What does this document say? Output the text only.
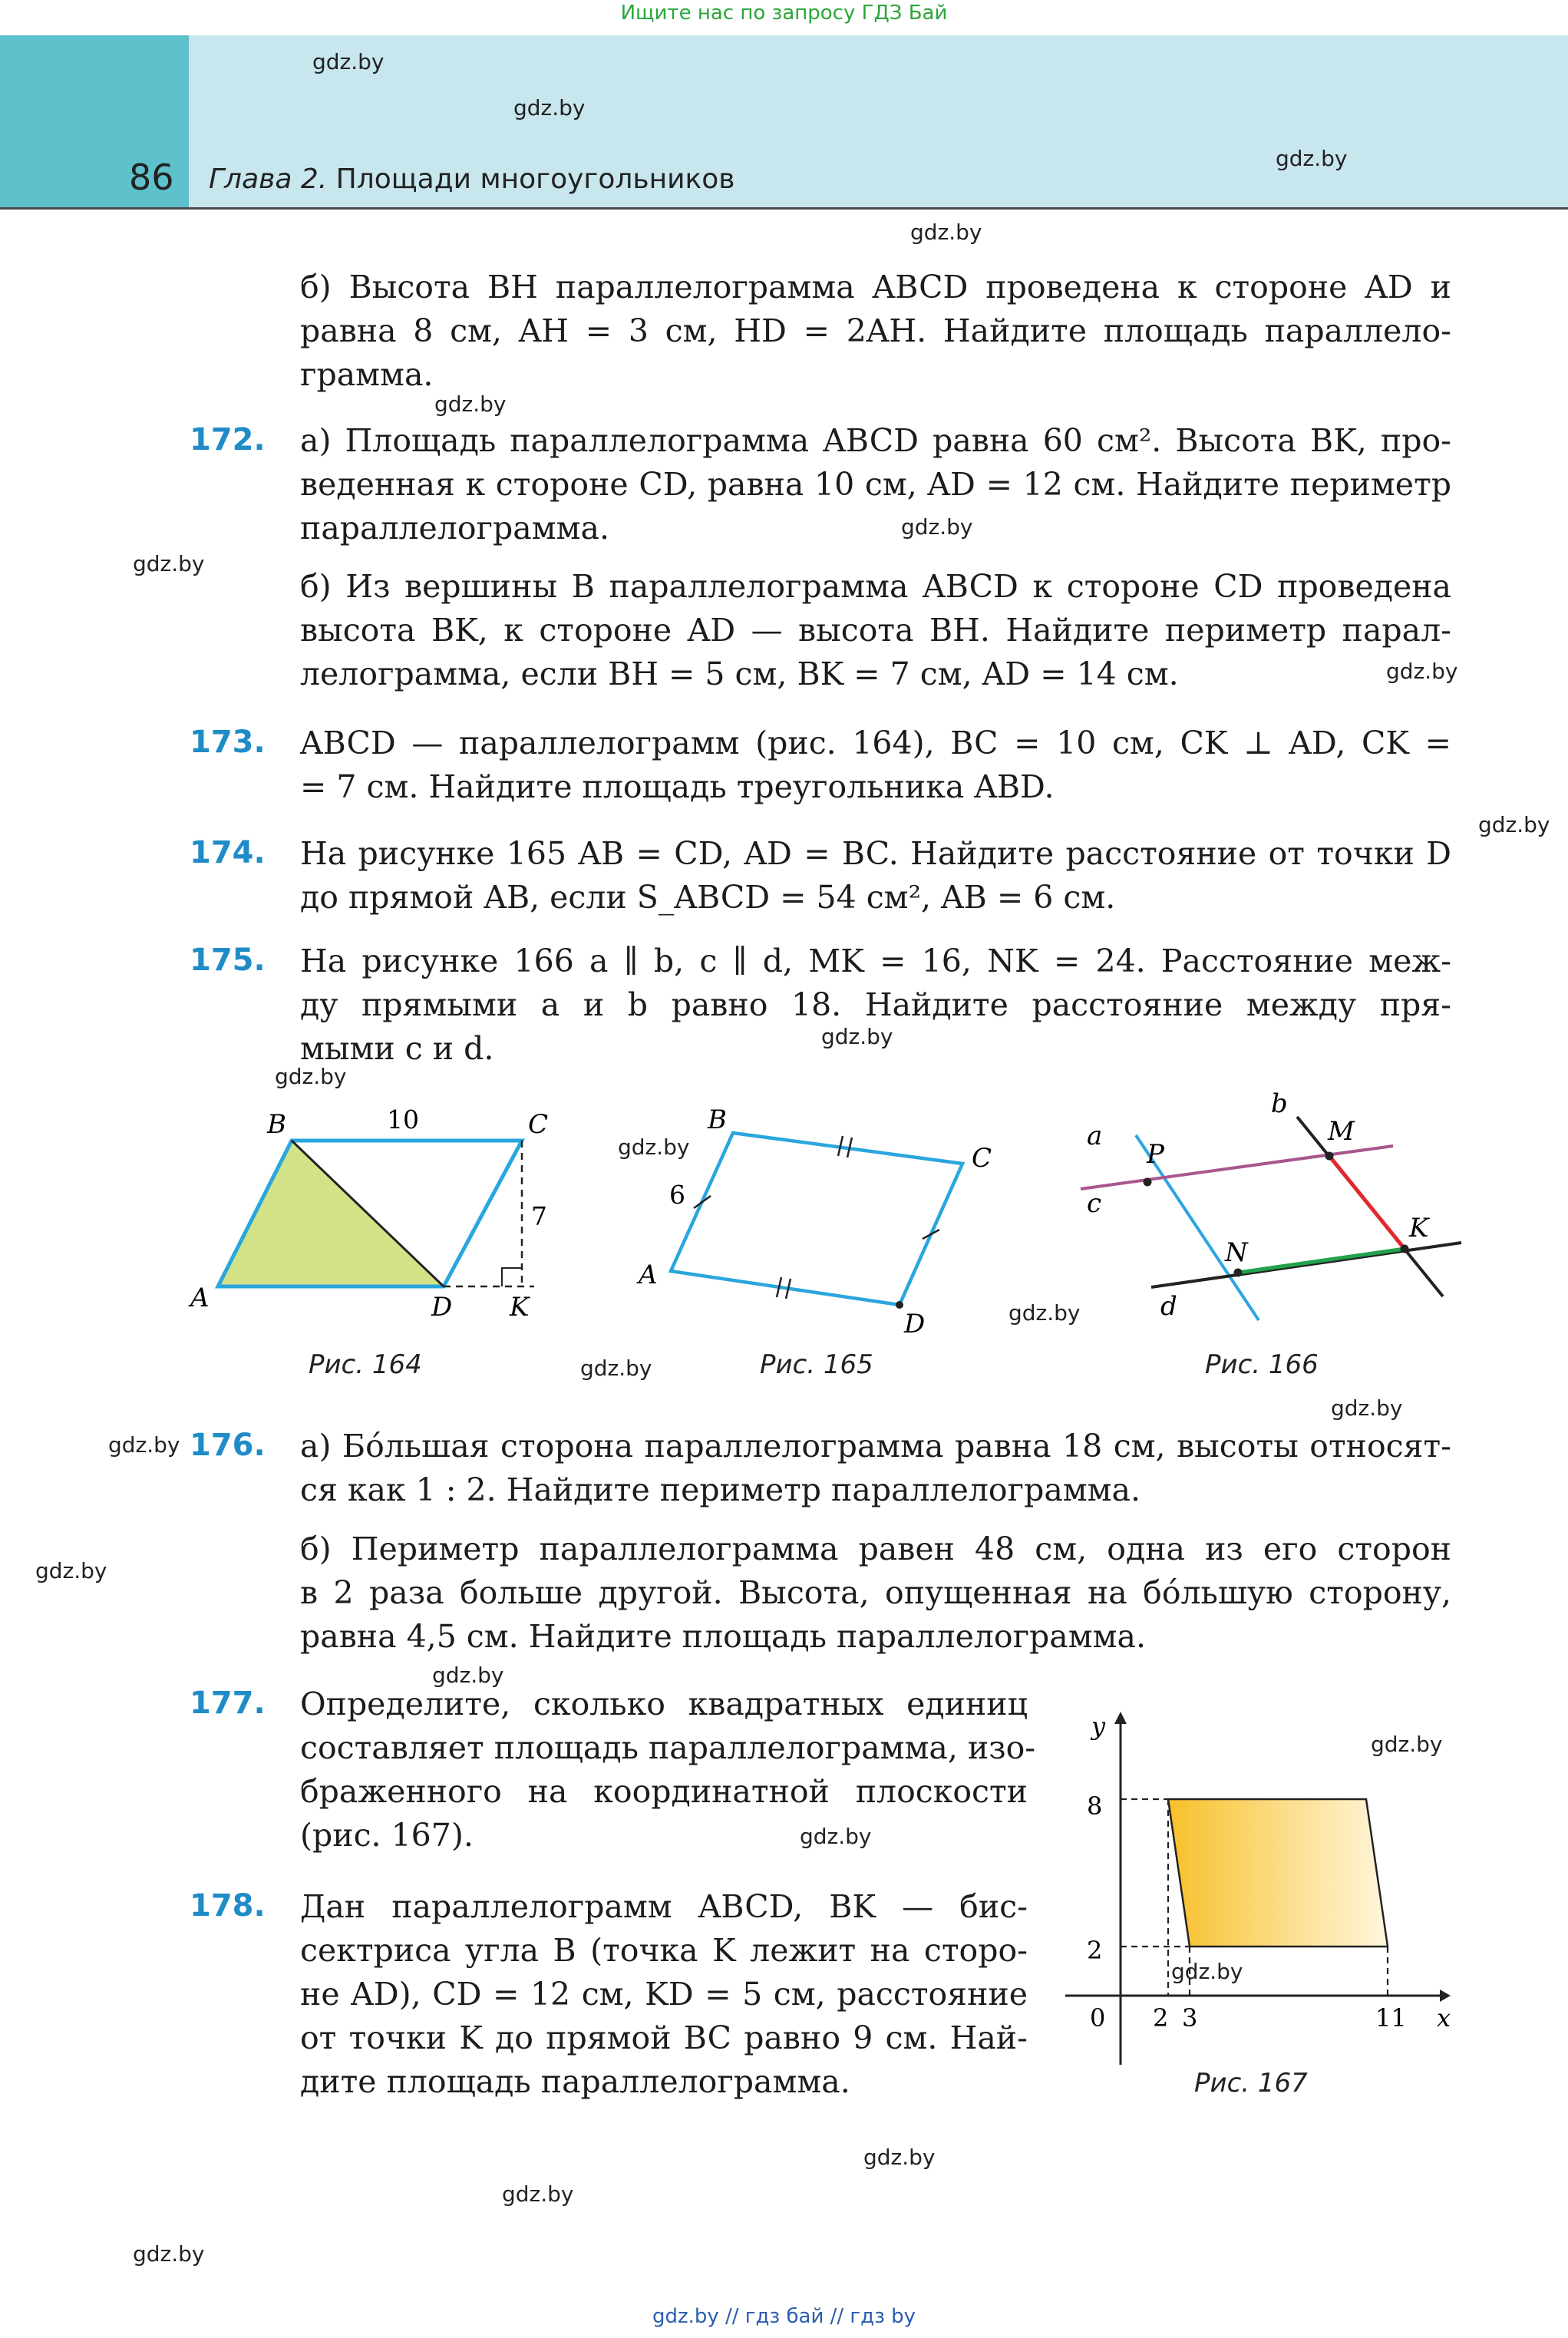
Ищите нас по запросу ГДЗ Бай
86 Глава 2. Площади многоугольников
gdz.by
gdz.by
gdz.by
gdz.by
gdz.by
gdz.by
gdz.by
gdz.by
gdz.by
gdz.by
gdz.by
gdz.by
gdz.by
gdz.by
gdz.by
gdz.by
gdz.by
gdz.by
gdz.by
gdz.by
gdz.by
gdz.by
gdz.by
gdz.by
б) Высота BH параллелограмма ABCD проведена к стороне AD и
равна 8 см, AH = 3 см, HD = 2AH. Найдите площадь параллело-
грамма.
172. а) Площадь параллелограмма ABCD равна 60 см². Высота BK, про-
веденная к стороне CD, равна 10 см, AD = 12 см. Найдите периметр
параллелограмма.
б) Из вершины B параллелограмма ABCD к стороне CD проведена
высота BK, к стороне AD — высота BH. Найдите периметр парал-
лелограмма, если BH = 5 см, BK = 7 см, AD = 14 см.
173. ABCD — параллелограмм (рис. 164), BC = 10 см, CK ⊥ AD, CK =
= 7 см. Найдите площадь треугольника ABD.
174. На рисунке 165 AB = CD, AD = BC. Найдите расстояние от точки D
до прямой AB, если S_ABCD = 54 см², AB = 6 см.
175. На рисунке 166 a ∥ b, c ∥ d, MK = 16, NK = 24. Расстояние меж-
ду прямыми a и b равно 18. Найдите расстояние между пря-
мыми c и d.
A
B	C
D K
10
7
Рис. 164
B
C
A
D
6
Рис. 165
a
b
c
d
P
M
N
K
Рис. 166
176. а) Бо́льшая сторона параллелограмма равна 18 см, высоты относят-
ся как 1 : 2. Найдите периметр параллелограмма.
б) Периметр параллелограмма равен 48 см, одна из его сторон
в 2 раза больше другой. Высота, опущенная на бо́льшую сторону,
равна 4,5 см. Найдите площадь параллелограмма.
177. Определите, сколько квадратных единиц
составляет площадь параллелограмма, изо-
браженного на координатной плоскости
(рис. 167).
178. Дан параллелограмм ABCD, BK — бис-
сектриса угла B (точка K лежит на сторо-
не AD), CD = 12 см, KD = 5 см, расстояние
от точки K до прямой BC равно 9 см. Най-
дите площадь параллелограмма.
8
2
0 2 3	11 x
y
Рис. 167
gdz.by // гдз бай // гдз by
